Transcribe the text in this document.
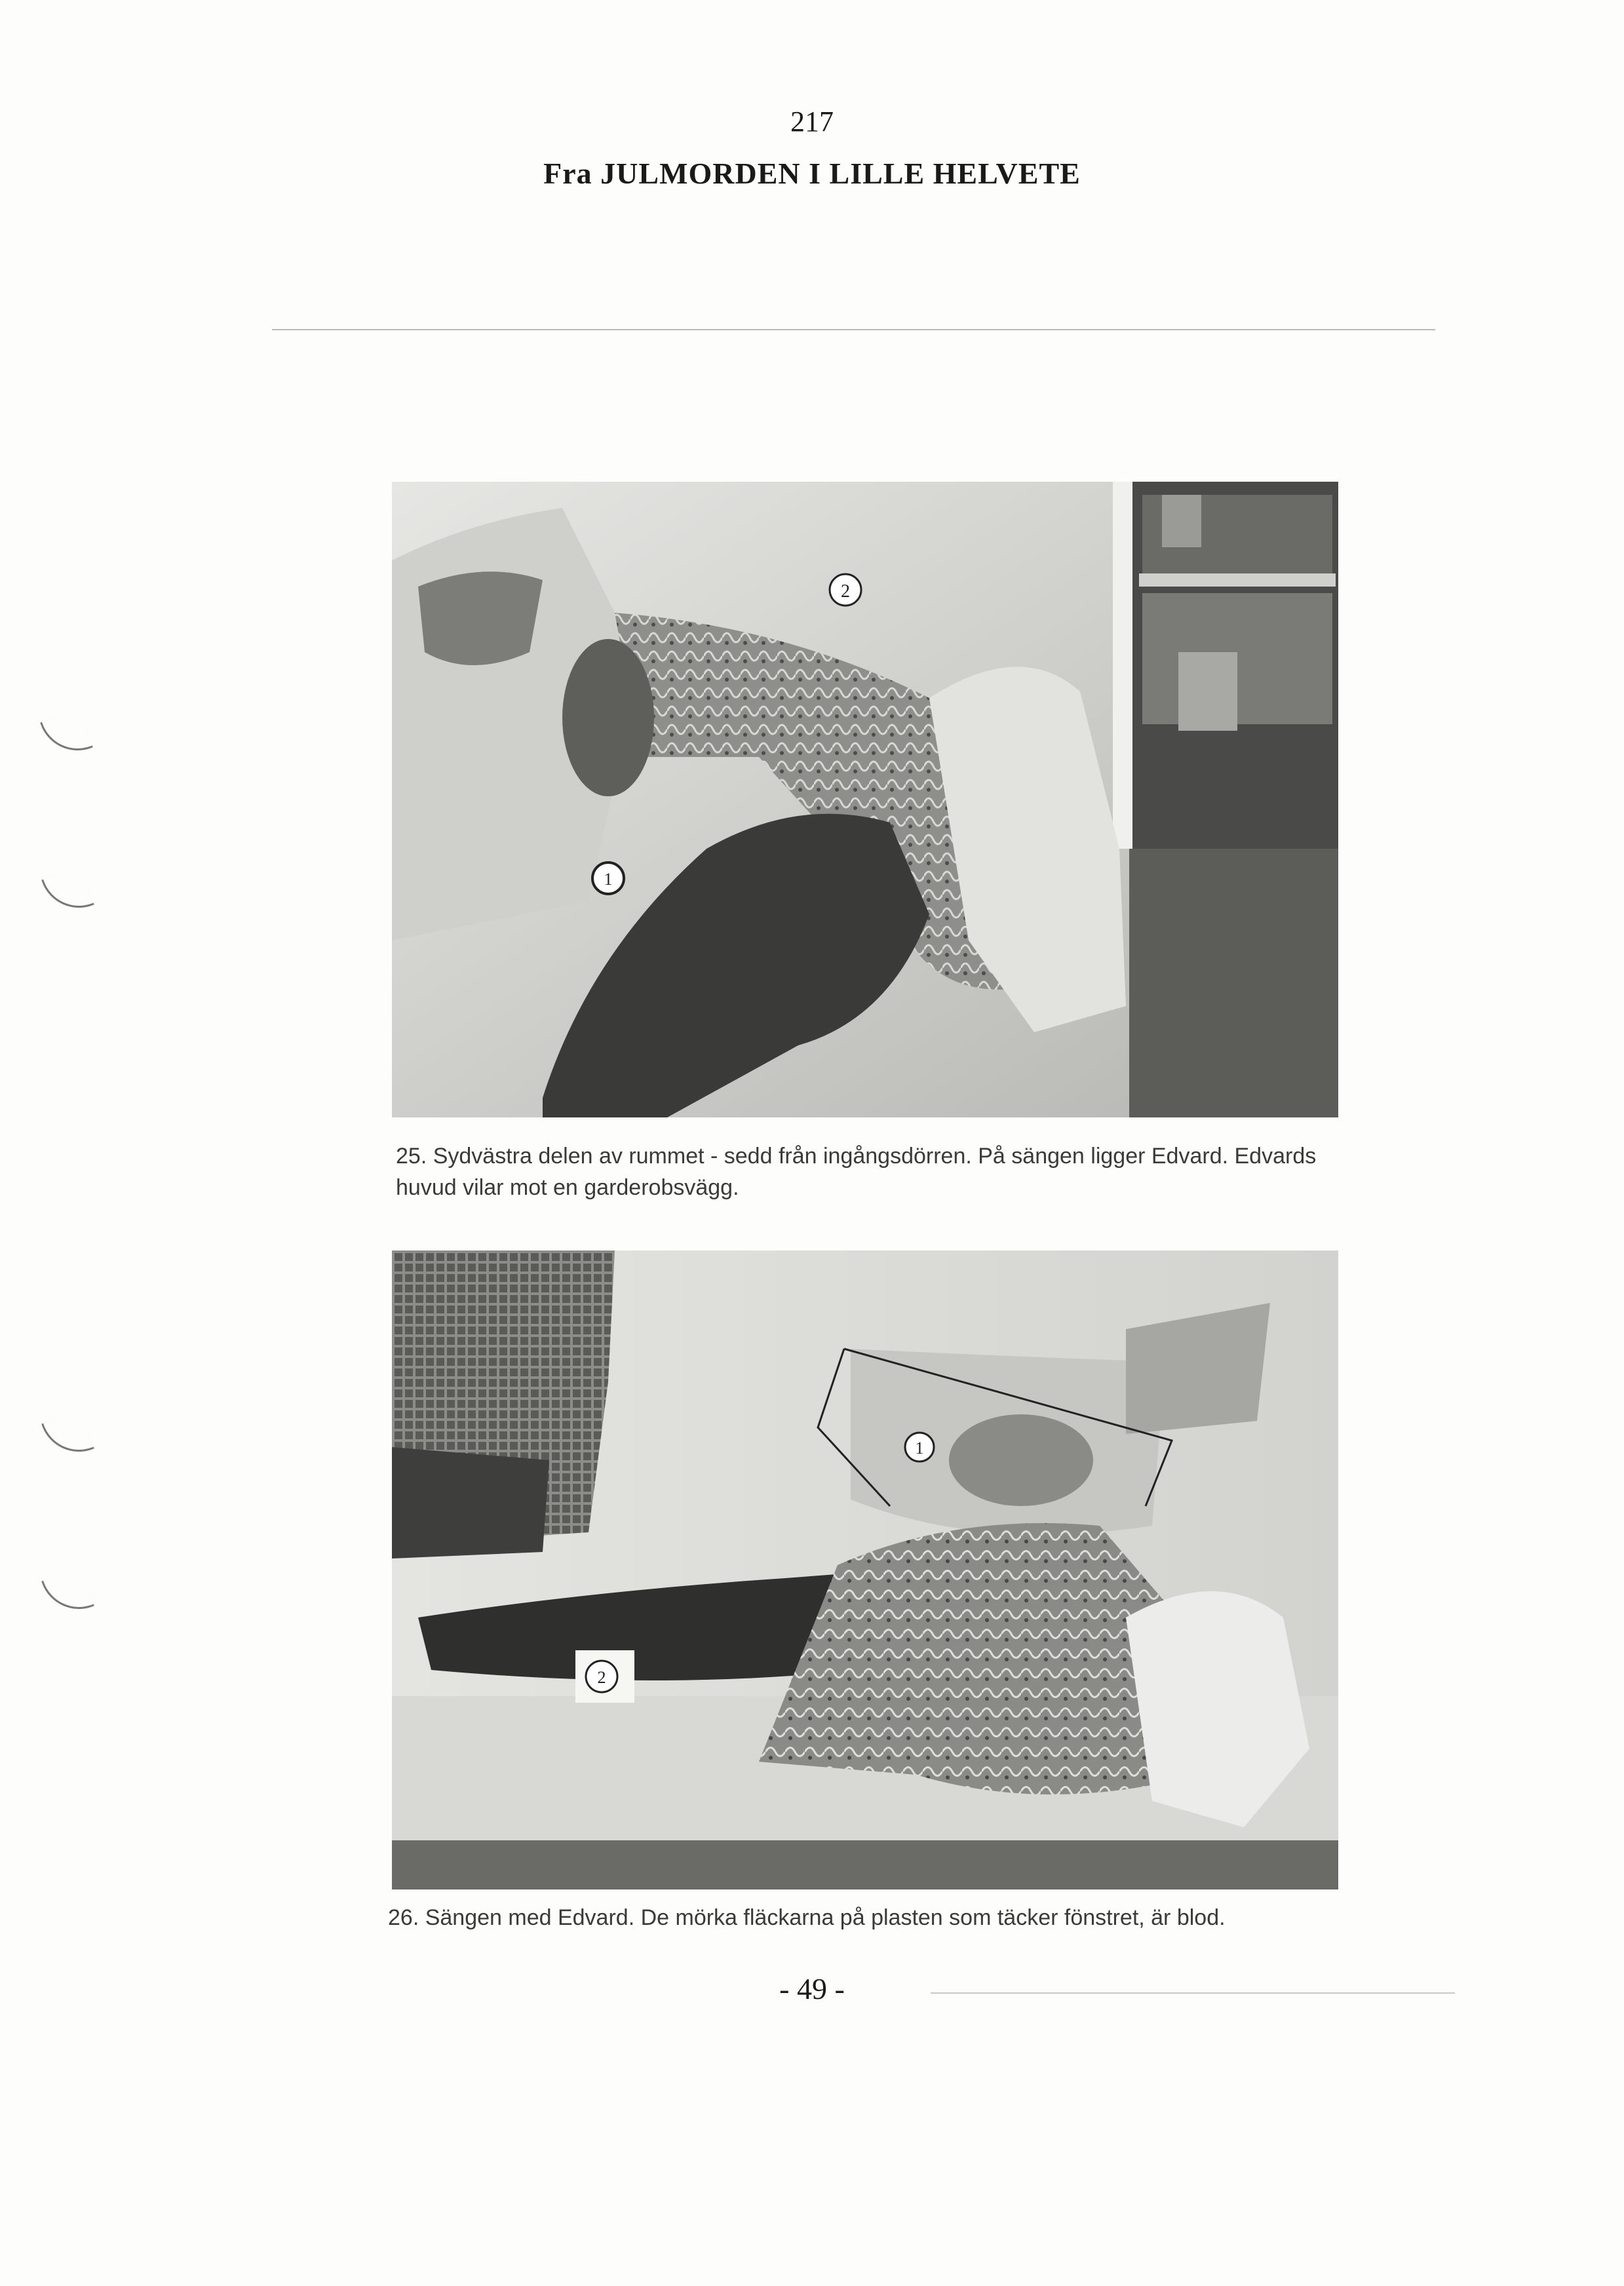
217
Fra JULMORDEN I LILLE HELVETE
2
1
25. Sydvästra delen av rummet - sedd från ingångsdörren. På sängen ligger Edvard. Edvards huvud vilar mot en garderobsvägg.
1
2
26. Sängen med Edvard. De mörka fläckarna på plasten som täcker fönstret, är blod.
- 49 -
